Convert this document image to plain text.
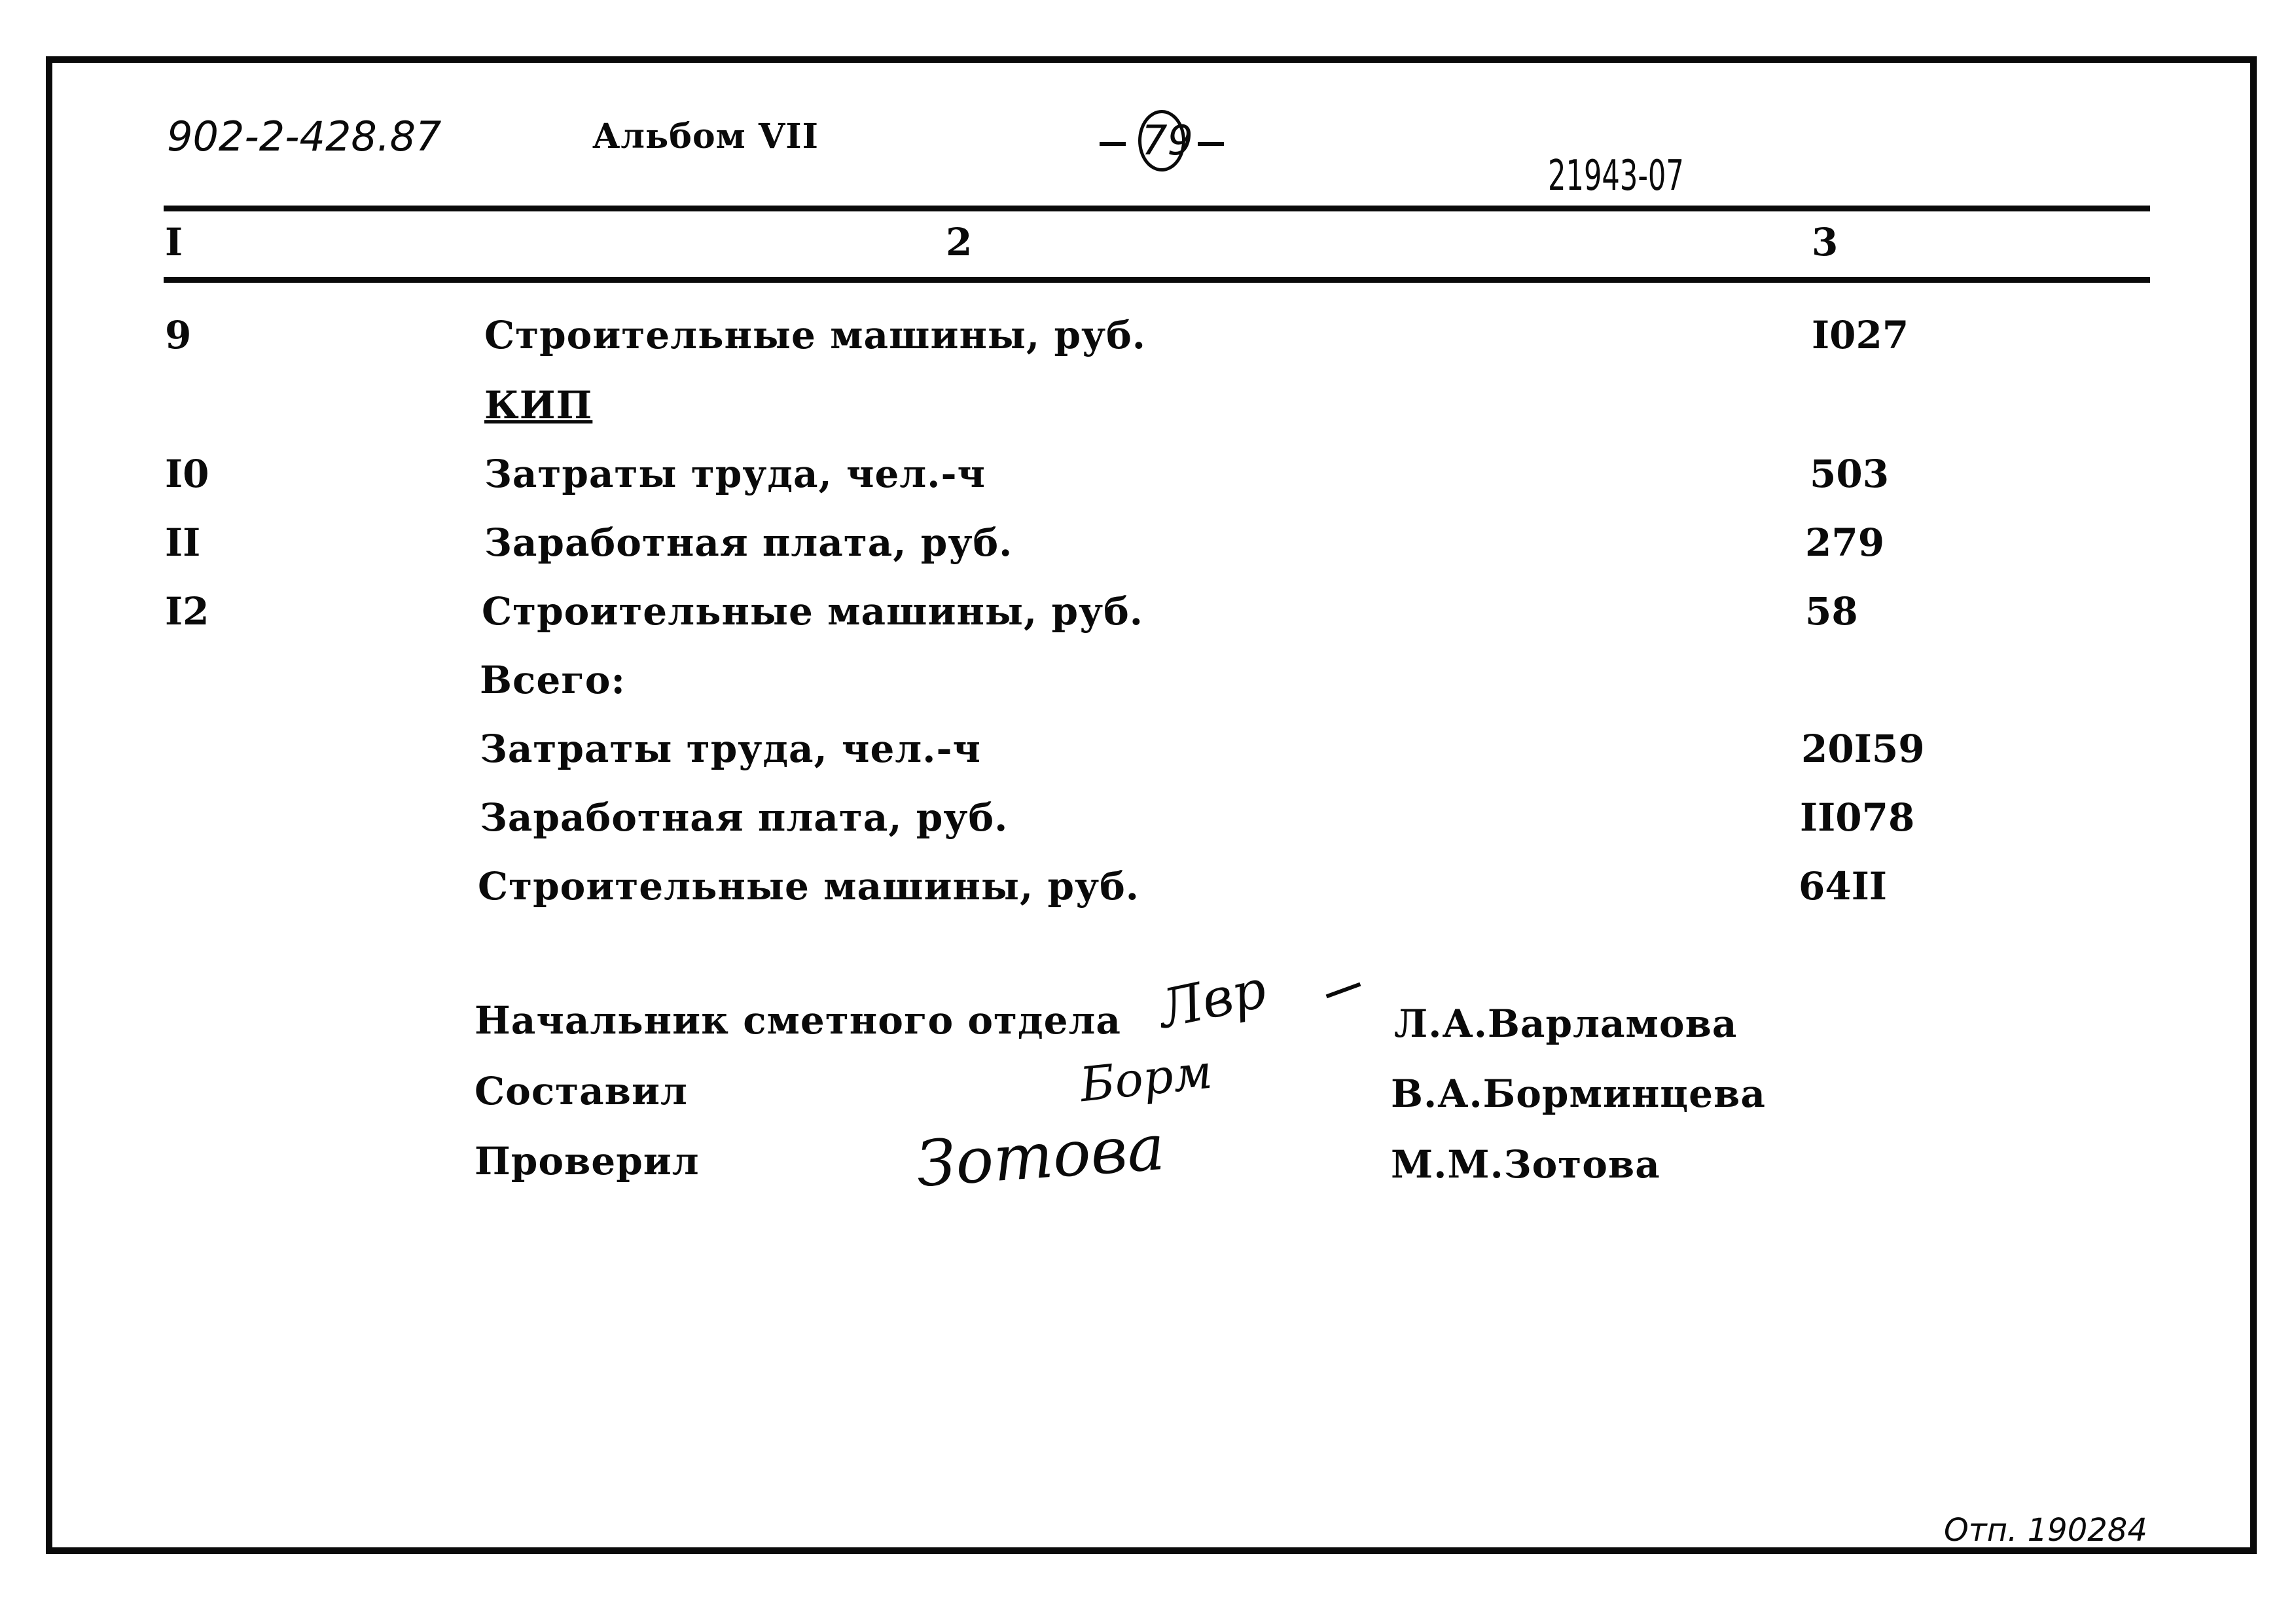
902-2-428.87	Альбом VII	79
21943-07
I	2	3
9	Строительные машины, руб.	I027
КИП
I0	Затраты труда, чел.-ч	503
II	Заработная плата, руб.	279
I2	Строительные машины, руб.	58
Всего:
Затраты труда, чел.-ч	20I59
Заработная плата, руб.	II078
Строительные машины, руб.	64II
Начальник сметного отдела Лвр	Л.А.Варламова
Составил	Борм	В.А.Борминцева
Проверил	Зотова	М.М.Зотова
Отп. 190284
